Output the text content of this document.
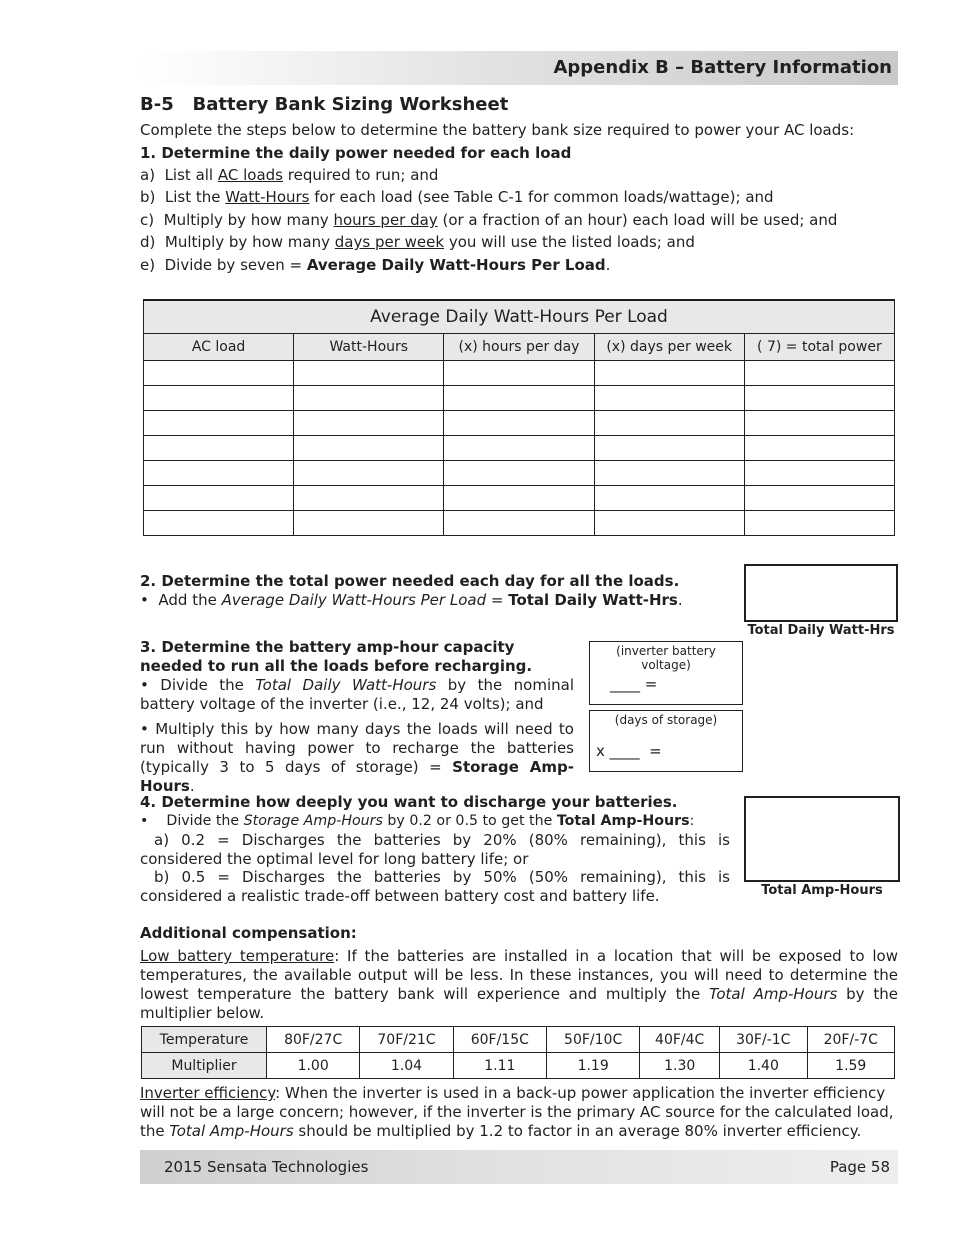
Appendix B – Battery Information
B-5   Battery Bank Sizing Worksheet
Complete the steps below to determine the battery bank size required to power your AC loads:
1. Determine the daily power needed for each load
a)  List all AC loads required to run; and
b)  List the Watt-Hours for each load (see Table C-1 for common loads/wattage); and
c)  Multiply by how many hours per day (or a fraction of an hour) each load will be used; and
d)  Multiply by how many days per week you will use the listed loads; and
e)  Divide by seven = Average Daily Watt-Hours Per Load.
Average Daily Watt-Hours Per Load				
AC load	Watt-Hours	(x) hours per day	(x) days per week	( 7) = total power

2. Determine the total power needed each day for all the loads.
•  Add the Average Daily Watt-Hours Per Load = Total Daily Watt-Hrs.
Total Daily Watt-Hrs
3. Determine the battery amp-hour capacity needed to run all the loads before recharging.
• Divide the Total Daily Watt-Hours by the nominal battery voltage of the inverter (i.e., 12, 24 volts); and
• Multiply this by how many days the loads will need to run without having power to recharge the batteries (typically 3 to 5 days of storage) = Storage Amp-Hours.
(inverter battery voltage)
____ =
(days of storage)
x ____  =
4. Determine how deeply you want to discharge your batteries.
•    Divide the Storage Amp-Hours by 0.2 or 0.5 to get the Total Amp-Hours:
a) 0.2 = Discharges the batteries by 20% (80% remaining), this is considered the optimal level for long battery life; or
b) 0.5 = Discharges the batteries by 50% (50% remaining), this is considered a realistic trade-off between battery cost and battery life.	Total Amp-Hours
Additional compensation:
Low battery temperature: If the batteries are installed in a location that will be exposed to low temperatures, the available output will be less. In these instances, you will need to determine the lowest temperature the battery bank will experience and multiply the Total Amp-Hours by the multiplier below.
Temperature	80F/27C	70F/21C	60F/15C	50F/10C	40F/4C	30F/-1C	20F/-7C
Multiplier	1.00	1.04	1.11	1.19	1.30	1.40	1.59
Inverter efficiency: When the inverter is used in a back-up power application the inverter efficiency will not be a large concern; however, if the inverter is the primary AC source for the calculated load, the Total Amp-Hours should be multiplied by 1.2 to factor in an average 80% inverter efficiency.
2015 Sensata Technologies	Page 58
